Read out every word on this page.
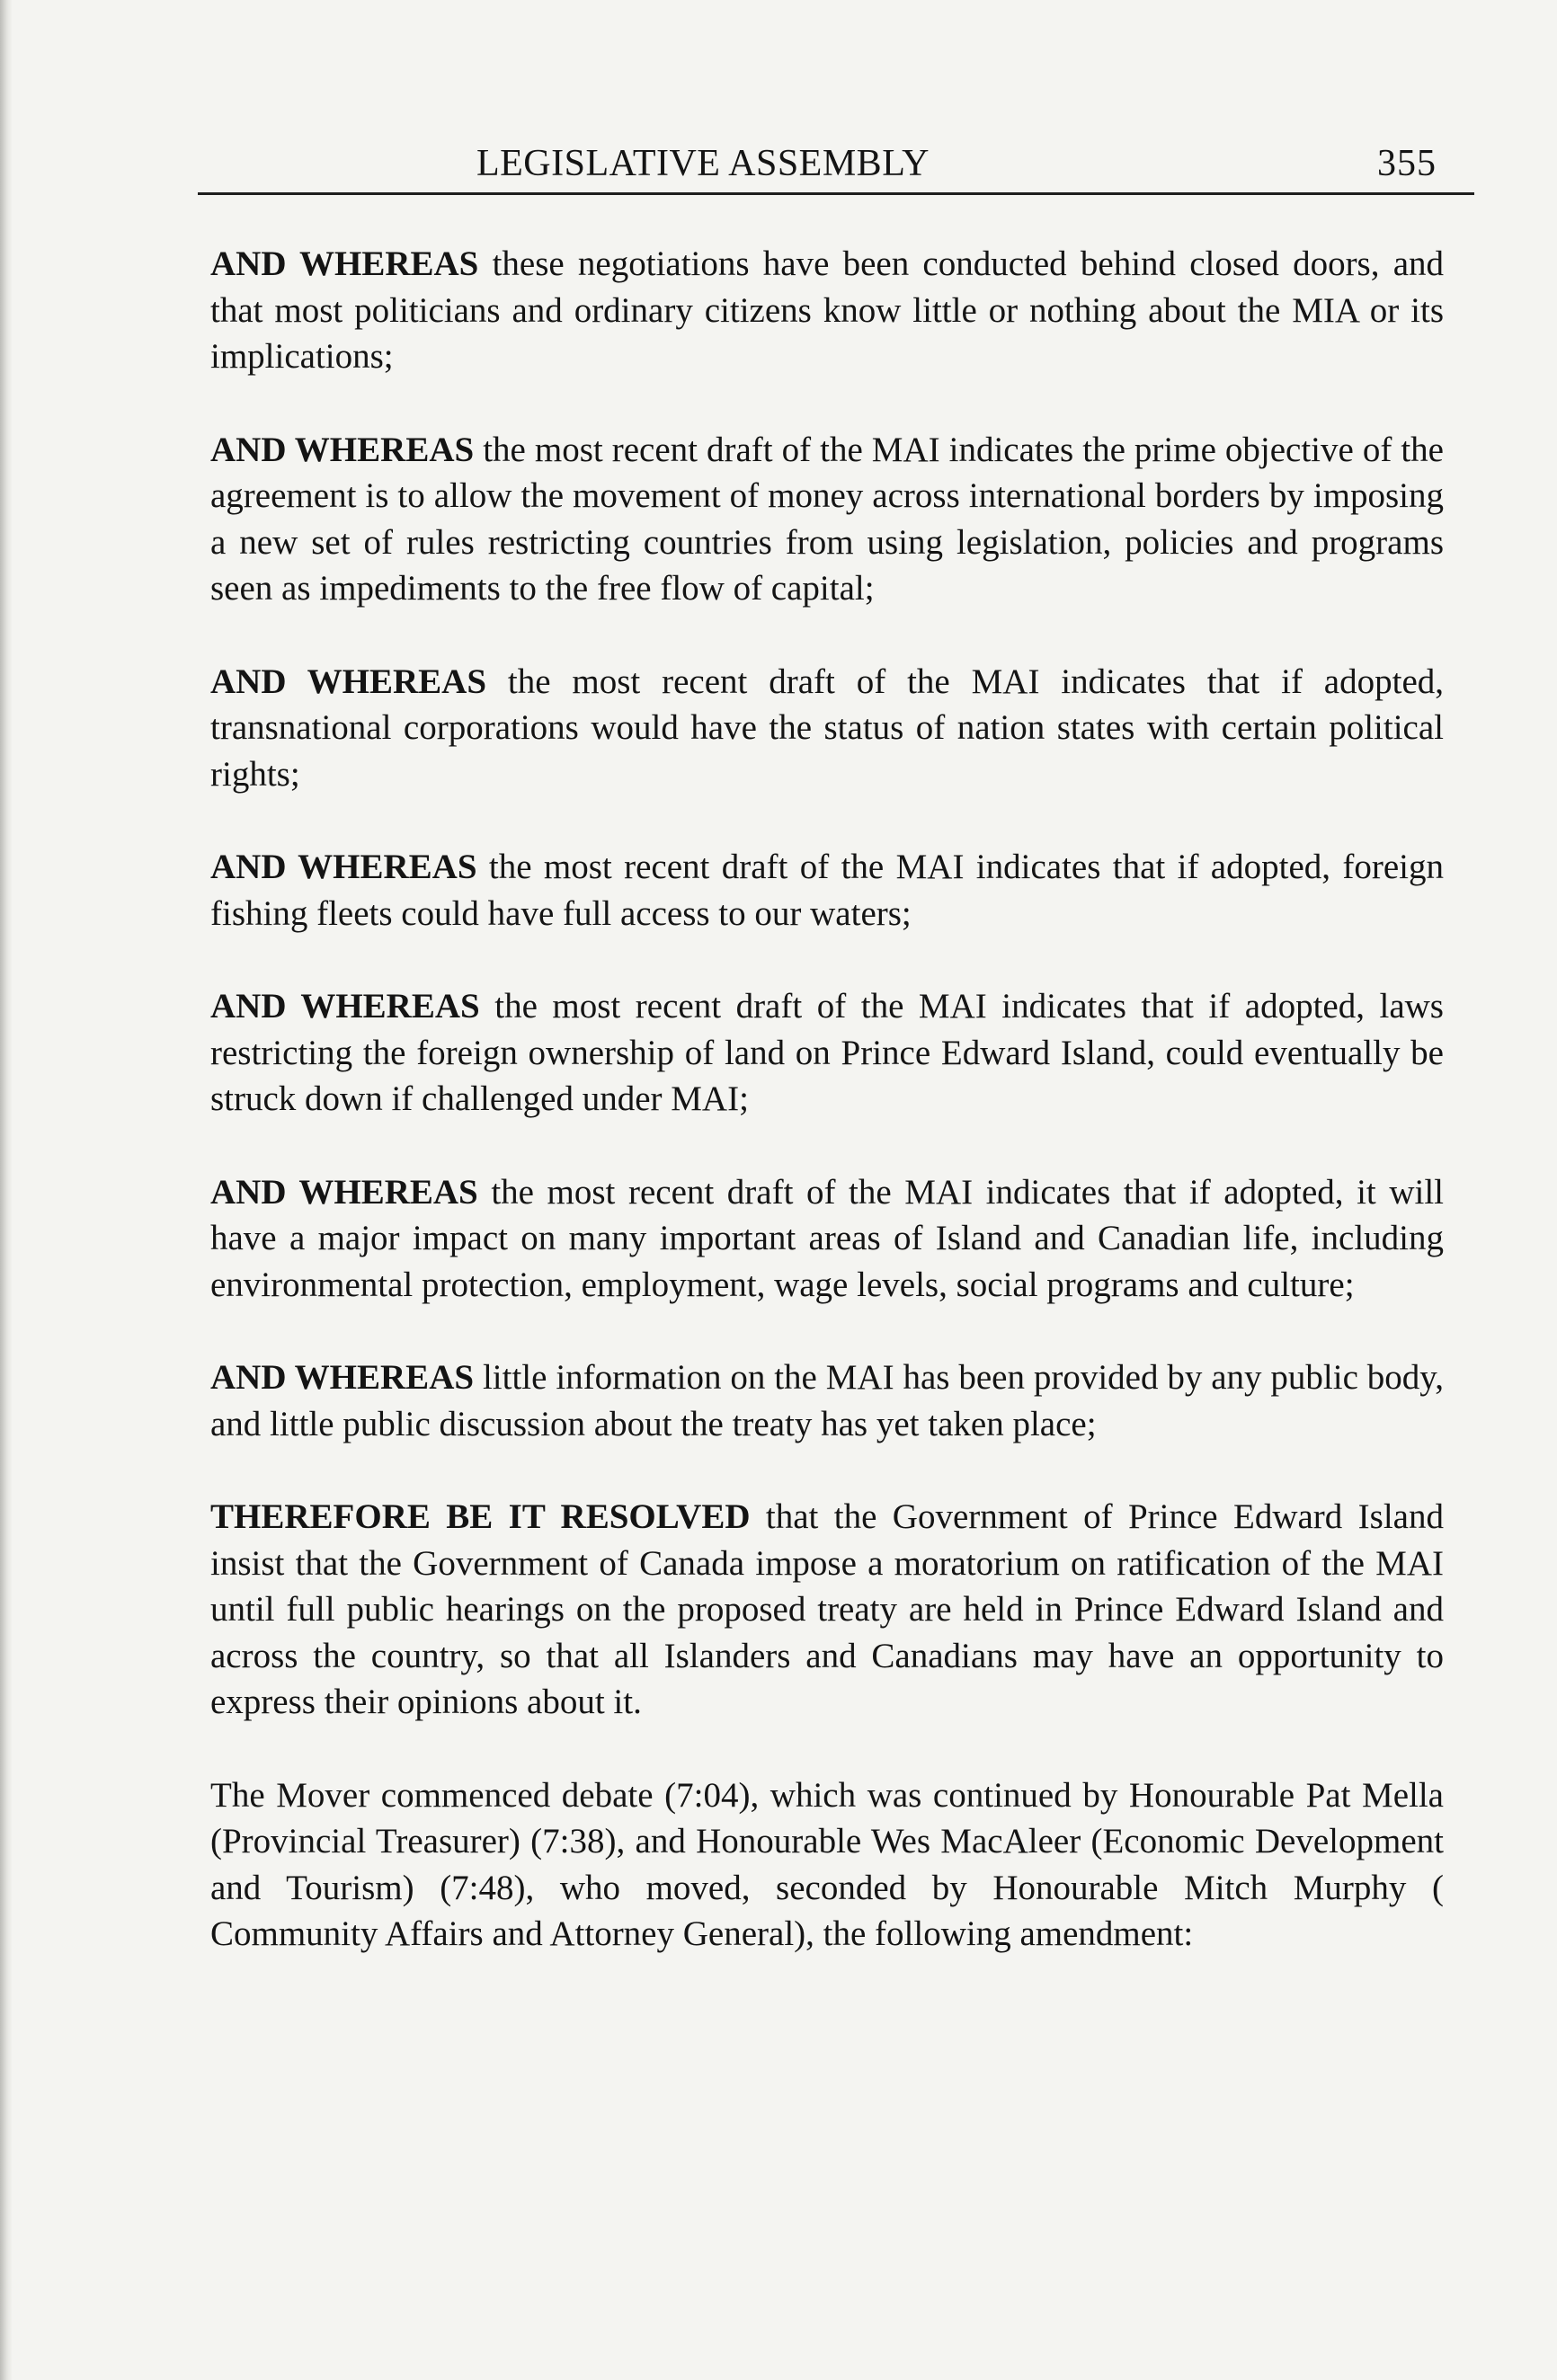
LEGISLATIVE ASSEMBLY	355

AND WHEREAS these negotiations have been conducted behind closed doors, and that most politicians and ordinary citizens know little or nothing about the MIA or its implications;

AND WHEREAS the most recent draft of the MAI indicates the prime objective of the agreement is to allow the movement of money across international borders by imposing a new set of rules restricting countries from using legislation, policies and programs seen as impediments to the free flow of capital;

AND WHEREAS the most recent draft of the MAI indicates that if adopted, transnational corporations would have the status of nation states with certain political rights;

AND WHEREAS the most recent draft of the MAI indicates that if adopted, foreign fishing fleets could have full access to our waters;

AND WHEREAS the most recent draft of the MAI indicates that if adopted, laws restricting the foreign ownership of land on Prince Edward Island, could eventually be struck down if challenged under MAI;

AND WHEREAS the most recent draft of the MAI indicates that if adopted, it will have a major impact on many important areas of Island and Canadian life, including environmental protection, employment, wage levels, social programs and culture;

AND WHEREAS little information on the MAI has been provided by any public body, and little public discussion about the treaty has yet taken place;

THEREFORE BE IT RESOLVED that the Government of Prince Edward Island insist that the Government of Canada impose a moratorium on ratification of the MAI until full public hearings on the proposed treaty are held in Prince Edward Island and across the country, so that all Islanders and Canadians may have an opportunity to express their opinions about it.

The Mover commenced debate (7:04), which was continued by Honourable Pat Mella (Provincial Treasurer) (7:38), and Honourable Wes MacAleer (Economic Development and Tourism) (7:48), who moved, seconded by Honourable Mitch Murphy ( Community Affairs and Attorney General), the following amendment:
